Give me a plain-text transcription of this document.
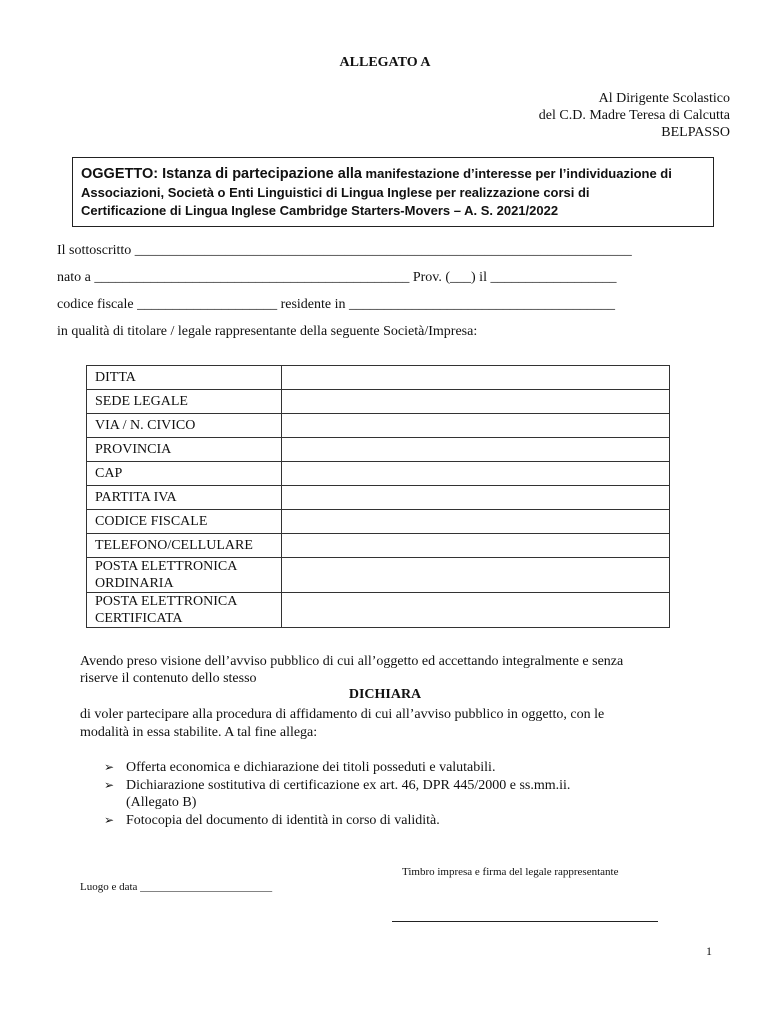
ALLEGATO A
Al Dirigente Scolastico
del C.D. Madre Teresa di Calcutta
BELPASSO
OGGETTO: Istanza di partecipazione alla manifestazione d’interesse per l’individuazione di
Associazioni, Società o Enti Linguistici di Lingua Inglese per realizzazione corsi di
Certificazione di Lingua Inglese Cambridge Starters-Movers – A. S. 2021/2022
Il sottoscritto _______________________________________________________________________
nato a _____________________________________________ Prov. (___) il __________________
codice fiscale ____________________ residente in ______________________________________
in qualità di titolare / legale rappresentante della seguente Società/Impresa:
DITTA	
SEDE LEGALE	
VIA / N. CIVICO	
PROVINCIA	
CAP	
PARTITA IVA	
CODICE FISCALE	
TELEFONO/CELLULARE	

POSTA ELETTRONICA
ORDINARIA	

POSTA ELETTRONICA
CERTIFICATA	

Avendo preso visione dell’avviso pubblico di cui all’oggetto ed accettando integralmente e senza
riserve il contenuto dello stesso
DICHIARA
di voler partecipare alla procedura di affidamento di cui all’avviso pubblico in oggetto, con le
modalità in essa stabilite. A tal fine allega:
➢ Offerta economica e dichiarazione dei titoli posseduti e valutabili.
➢ Dichiarazione sostitutiva di certificazione ex art. 46, DPR 445/2000 e ss.mm.ii.
(Allegato B)
➢ Fotocopia del documento di identità in corso di validità.
Timbro impresa e firma del legale rappresentante
Luogo e data ________________________
1
